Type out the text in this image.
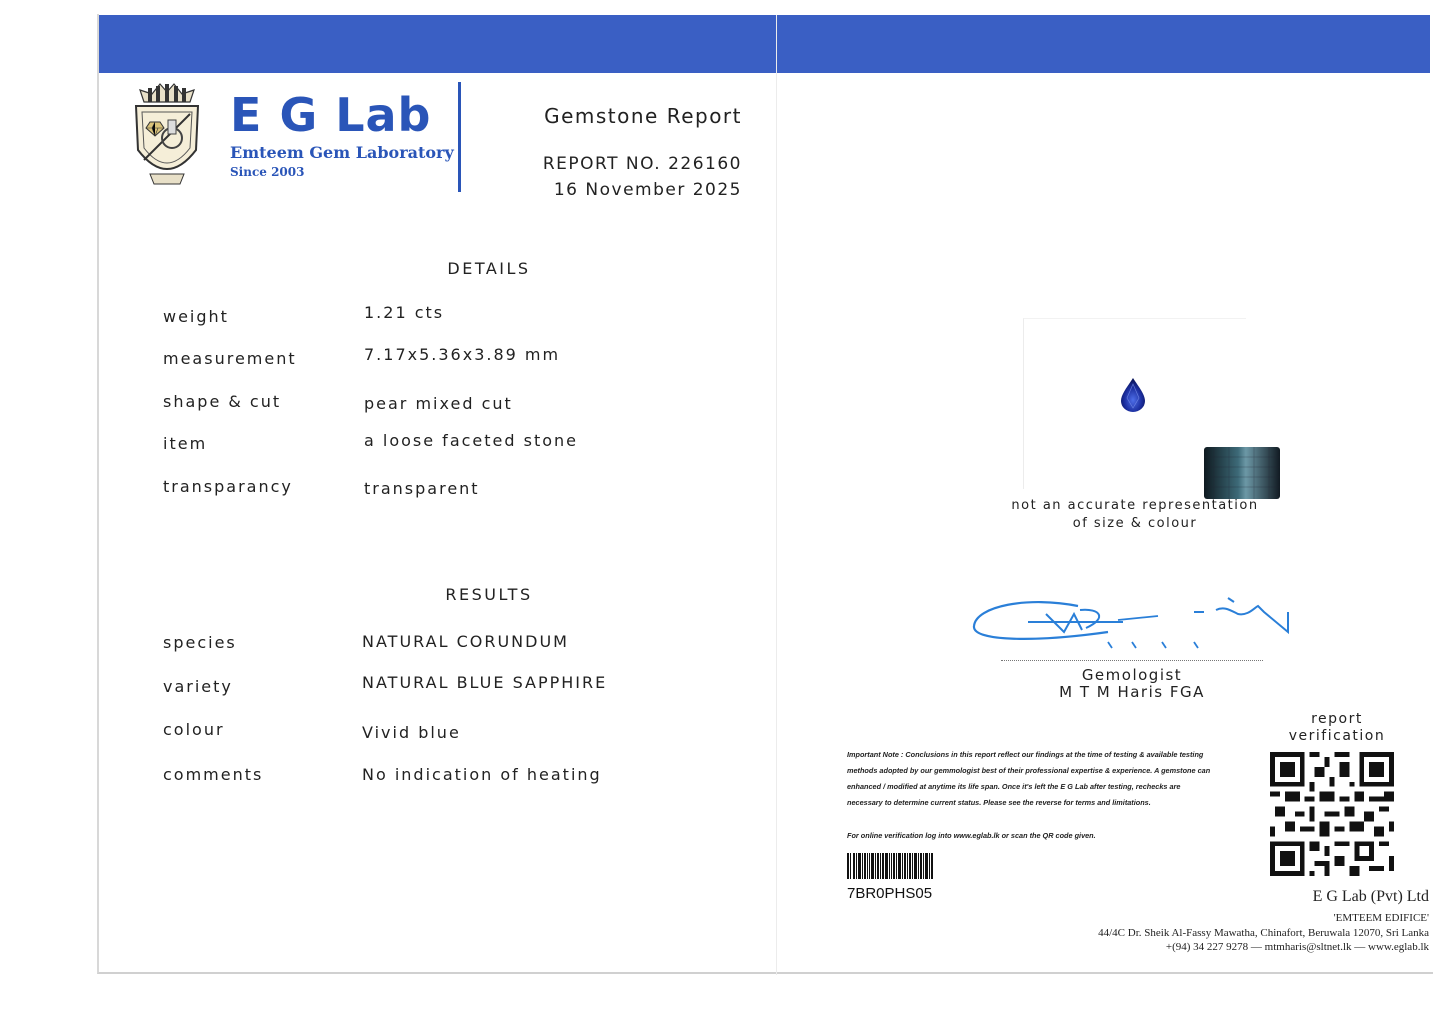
E G Lab
Emteem Gem Laboratory
Since 2003
Gemstone Report
REPORT NO. 226160
16 November 2025
DETAILS
weight	1.21 cts
measurement	7.17x5.36x3.89 mm
shape & cut	pear mixed cut
item	a loose faceted stone
transparancy	transparent
RESULTS
species	NATURAL CORUNDUM
variety	NATURAL BLUE SAPPHIRE
colour	Vivid blue
comments	No indication of heating
not an accurate representation
of size & colour
Gemologist
M T M Haris FGA
report
verification
Important Note : Conclusions in this report reflect our findings at the time of testing & available testing methods adopted by our gemmologist best of their professional expertise & experience. A gemstone can enhanced / modified at anytime its life span. Once it's left the E G Lab after testing, rechecks are necessary to determine current status. Please see the reverse for terms and limitations.
For online verification log into www.eglab.lk or scan the QR code given.
7BR0PHS05	E G Lab (Pvt) Ltd
'EMTEEM EDIFICE'
44/4C Dr. Sheik Al-Fassy Mawatha, Chinafort, Beruwala 12070, Sri Lanka
+(94) 34 227 9278 — mtmharis@sltnet.lk — www.eglab.lk
